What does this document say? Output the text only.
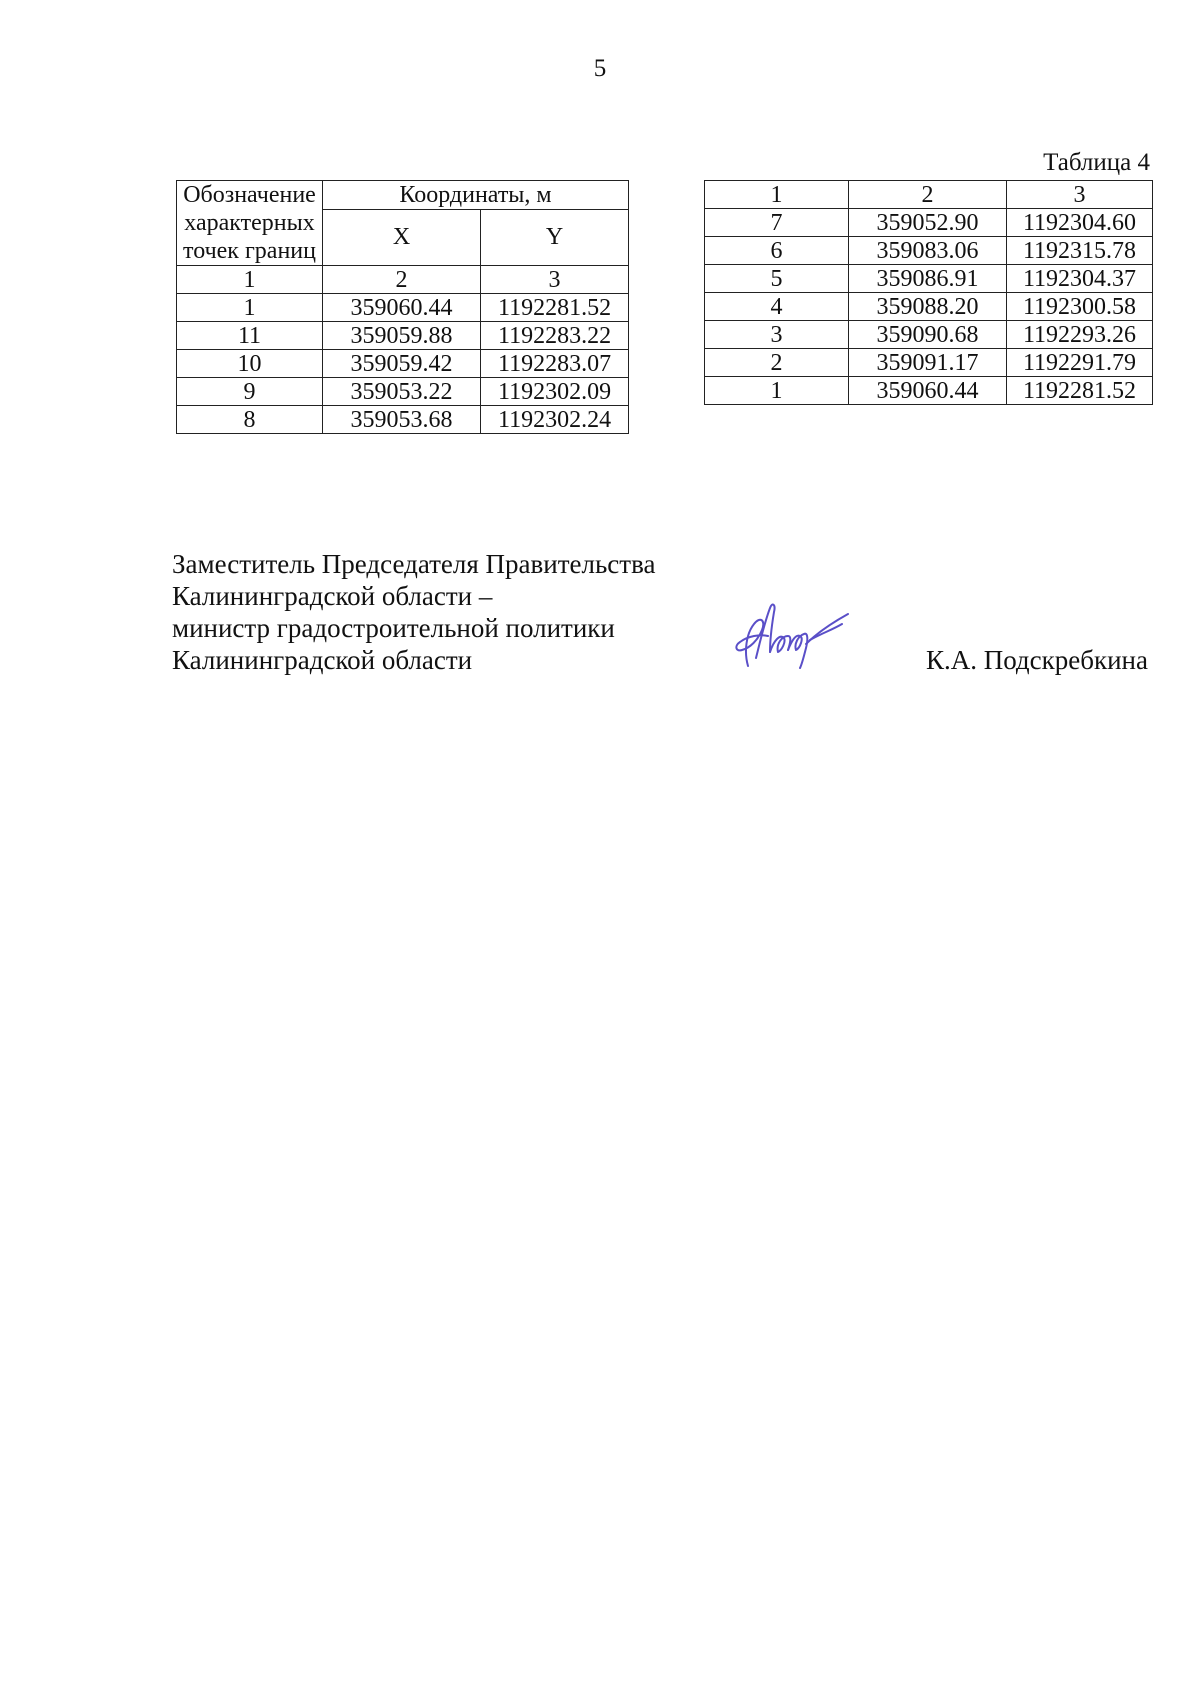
5
Таблица 4
Обозначение характерных точек границ	Координаты, м	
	X	Y
1	2	3
1	359060.44	1192281.52
11	359059.88	1192283.22
10	359059.42	1192283.07
9	359053.22	1192302.09
8	359053.68	1192302.24
1	2	3
7	359052.90	1192304.60
6	359083.06	1192315.78
5	359086.91	1192304.37
4	359088.20	1192300.58
3	359090.68	1192293.26
2	359091.17	1192291.79
1	359060.44	1192281.52
Заместитель Председателя Правительства
Калининградской области –
министр градостроительной политики
Калининградской области	К.А. Подскребкина
